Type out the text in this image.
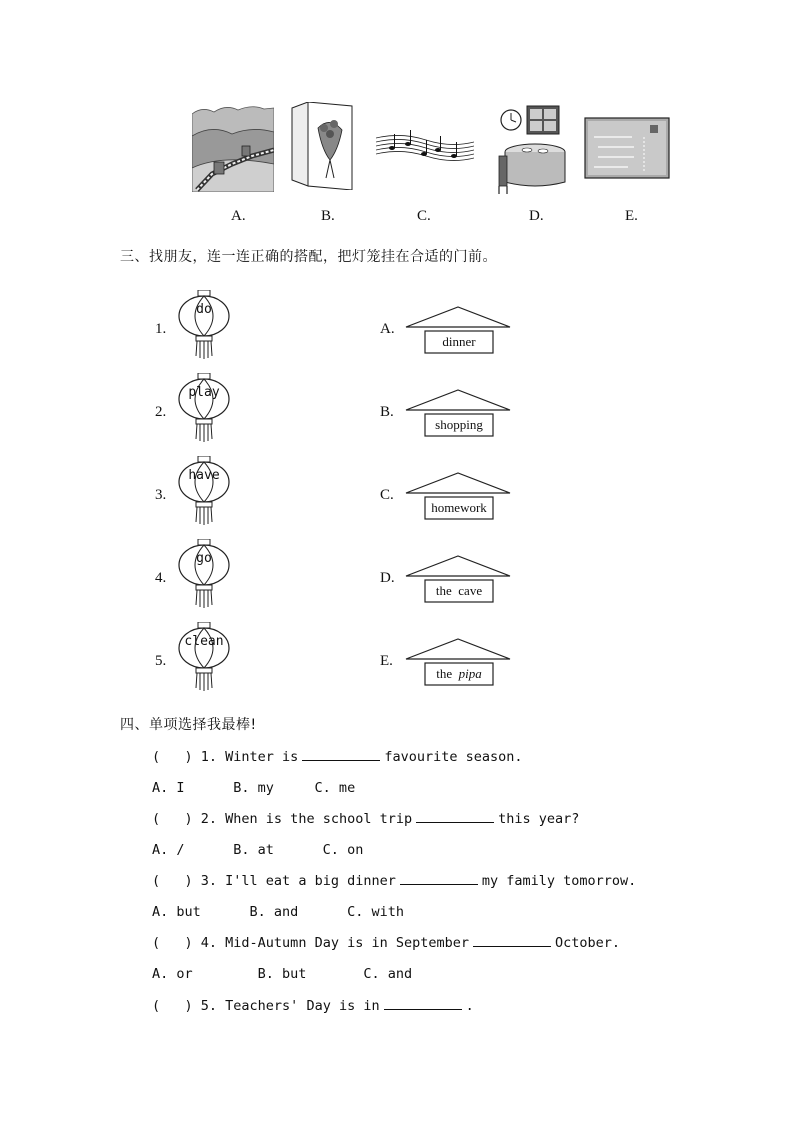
A.	B.	C.	D.	E.
三、找朋友，连一连正确的搭配，把灯笼挂在合适的门前。
1.
do
2.
play
3.
have
4.
go
5.
clean
A.
dinner
B.
shopping
C.
homework
D.
the  cave
E.
the pipa
四、单项选择我最棒!
(   ) 1. Winter is	favourite season.
A. I      B. my     C. me
(   ) 2. When is the school trip	this year?
A. /      B. at      C. on
(   ) 3. I'll eat a big dinner	my family tomorrow.
A. but      B. and      C. with
(   ) 4. Mid-Autumn Day is in September	October.
A. or        B. but       C. and
(   ) 5. Teachers' Day is in	.
